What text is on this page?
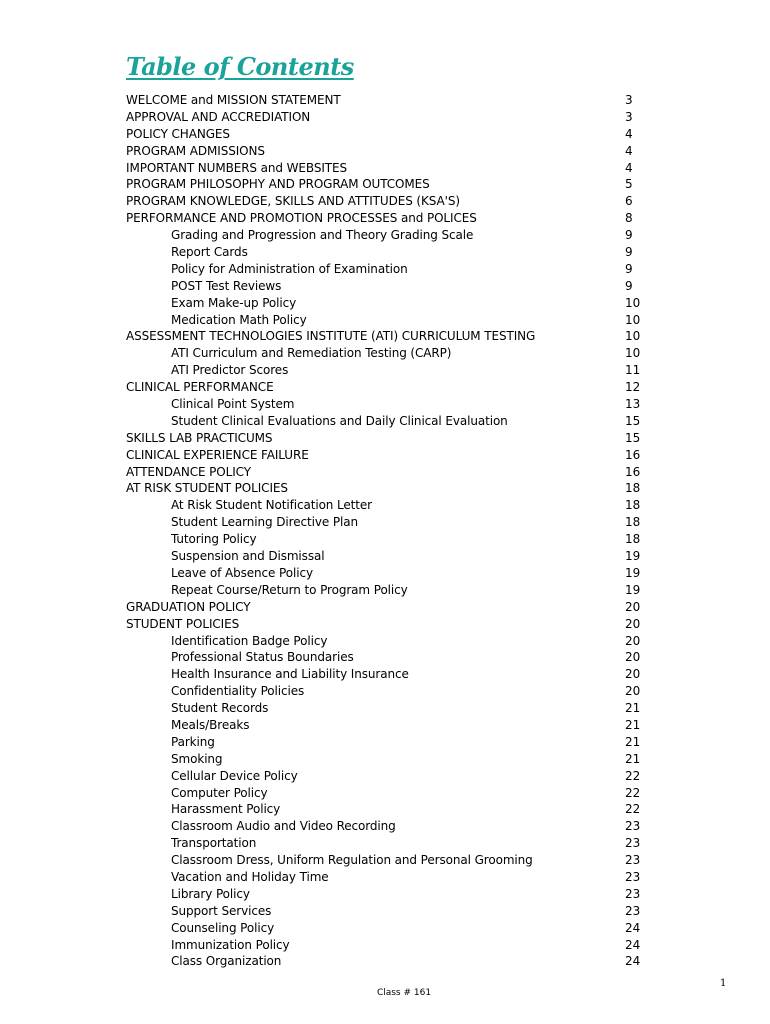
Table of Contents
WELCOME and MISSION STATEMENT	3
APPROVAL AND ACCREDIATION	3
POLICY CHANGES	4
PROGRAM ADMISSIONS	4
IMPORTANT NUMBERS and WEBSITES	4
PROGRAM PHILOSOPHY AND PROGRAM OUTCOMES	5
PROGRAM KNOWLEDGE, SKILLS AND ATTITUDES (KSA'S)	6
PERFORMANCE AND PROMOTION PROCESSES and POLICES	8
Grading and Progression and Theory Grading Scale	9
Report Cards	9
Policy for Administration of Examination	9
POST Test Reviews	9
Exam Make-up Policy	10
Medication Math Policy	10
ASSESSMENT TECHNOLOGIES INSTITUTE (ATI) CURRICULUM TESTING	10
ATI Curriculum and Remediation Testing (CARP)	10
ATI Predictor Scores	11
CLINICAL PERFORMANCE	12
Clinical Point System	13
Student Clinical Evaluations and Daily Clinical Evaluation	15
SKILLS LAB PRACTICUMS	15
CLINICAL EXPERIENCE FAILURE	16
ATTENDANCE POLICY	16
AT RISK STUDENT POLICIES	18
At Risk Student Notification Letter	18
Student Learning Directive Plan	18
Tutoring Policy	18
Suspension and Dismissal	19
Leave of Absence Policy	19
Repeat Course/Return to Program Policy	19
GRADUATION POLICY	20
STUDENT POLICIES	20
Identification Badge Policy	20
Professional Status Boundaries	20
Health Insurance and Liability Insurance	20
Confidentiality Policies	20
Student Records	21
Meals/Breaks	21
Parking	21
Smoking	21
Cellular Device Policy	22
Computer Policy	22
Harassment Policy	22
Classroom Audio and Video Recording	23
Transportation	23
Classroom Dress, Uniform Regulation and Personal Grooming	23
Vacation and Holiday Time	23
Library Policy	23
Support Services	23
Counseling Policy	24
Immunization Policy	24
Class Organization	24
1
Class # 161
